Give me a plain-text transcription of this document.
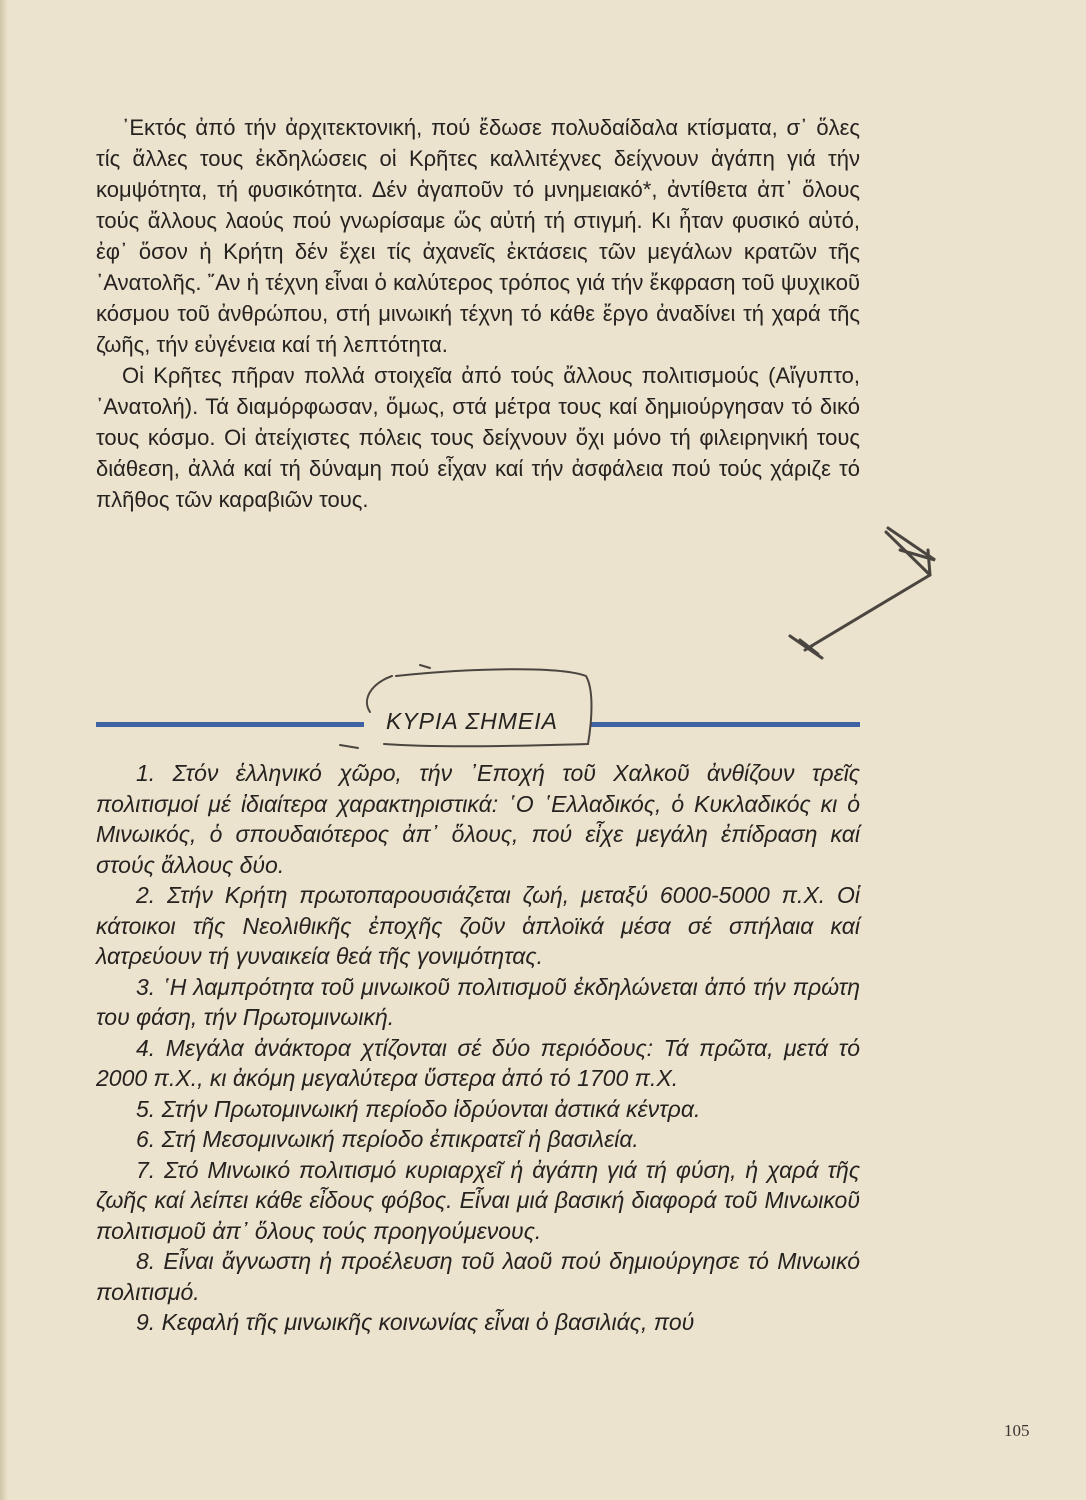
᾿Εκτός ἀπό τήν ἀρχιτεκτονική, πού ἔδωσε πολυδαίδαλα κτίσματα, σ᾿ ὅλες τίς ἄλλες τους ἐκδηλώσεις οἱ Κρῆτες καλλιτέχνες δείχνουν ἀγάπη γιά τήν κομψότητα, τή φυσικότητα. Δέν ἀγαποῦν τό μνημειακό*, ἀντίθετα ἀπ᾿ ὅλους τούς ἄλλους λαούς πού γνωρίσαμε ὥς αὐτή τή στιγμή. Κι ἦταν φυσικό αὐτό, ἐφ᾿ ὅσον ἡ Κρήτη δέν ἔχει τίς ἀχανεῖς ἐκτάσεις τῶν μεγάλων κρατῶν τῆς ᾿Ανατολῆς. ῎Αν ἡ τέχνη εἶναι ὁ καλύτερος τρόπος γιά τήν ἔκφραση τοῦ ψυχικοῦ κόσμου τοῦ ἀνθρώπου, στή μινωική τέχνη τό κάθε ἔργο ἀναδίνει τή χαρά τῆς ζωῆς, τήν εὐγένεια καί τή λεπτότητα.

Οἱ Κρῆτες πῆραν πολλά στοιχεῖα ἀπό τούς ἄλλους πολιτισμούς (Αἴγυπτο, ᾿Ανατολή). Τά διαμόρφωσαν, ὅμως, στά μέτρα τους καί δημιούργησαν τό δικό τους κόσμο. Οἱ ἀτείχιστες πόλεις τους δείχνουν ὄχι μόνο τή φιλειρηνική τους διάθεση, ἀλλά καί τή δύναμη πού εἶχαν καί τήν ἀσφάλεια πού τούς χάριζε τό πλῆθος τῶν καραβιῶν τους.

ΚΥΡΙΑ ΣΗΜΕΙΑ

1. Στόν ἑλληνικό χῶρο, τήν ᾿Εποχή τοῦ Χαλκοῦ ἀνθίζουν τρεῖς πολιτισμοί μέ ἰδιαίτερα χαρακτηριστικά: ῾Ο ῾Ελλαδικός, ὁ Κυκλαδικός κι ὁ Μινωικός, ὁ σπουδαιότερος ἀπ᾿ ὅλους, πού εἶχε μεγάλη ἐπίδραση καί στούς ἄλλους δύο.

2. Στήν Κρήτη πρωτοπαρουσιάζεται ζωή, μεταξύ 6000-5000 π.Χ. Οἱ κάτοικοι τῆς Νεολιθικῆς ἐποχῆς ζοῦν ἁπλοϊκά μέσα σέ σπήλαια καί λατρεύουν τή γυναικεία θεά τῆς γονιμότητας.

3. ῾Η λαμπρότητα τοῦ μινωικοῦ πολιτισμοῦ ἐκδηλώνεται ἀπό τήν πρώτη του φάση, τήν Πρωτομινωική.

4. Μεγάλα ἀνάκτορα χτίζονται σέ δύο περιόδους: Τά πρῶτα, μετά τό 2000 π.Χ., κι ἀκόμη μεγαλύτερα ὕστερα ἀπό τό 1700 π.Χ.

5. Στήν Πρωτομινωική περίοδο ἱδρύονται ἀστικά κέντρα.

6. Στή Μεσομινωική περίοδο ἐπικρατεῖ ἡ βασιλεία.

7. Στό Μινωικό πολιτισμό κυριαρχεῖ ἡ ἀγάπη γιά τή φύση, ἡ χαρά τῆς ζωῆς καί λείπει κάθε εἶδους φόβος. Εἶναι μιά βασική διαφορά τοῦ Μινωικοῦ πολιτισμοῦ ἀπ᾿ ὅλους τούς προηγούμενους.

8. Εἶναι ἄγνωστη ἡ προέλευση τοῦ λαοῦ πού δημιούργησε τό Μινωικό πολιτισμό.

9. Κεφαλή τῆς μινωικῆς κοινωνίας εἶναι ὁ βασιλιάς, πού

105
